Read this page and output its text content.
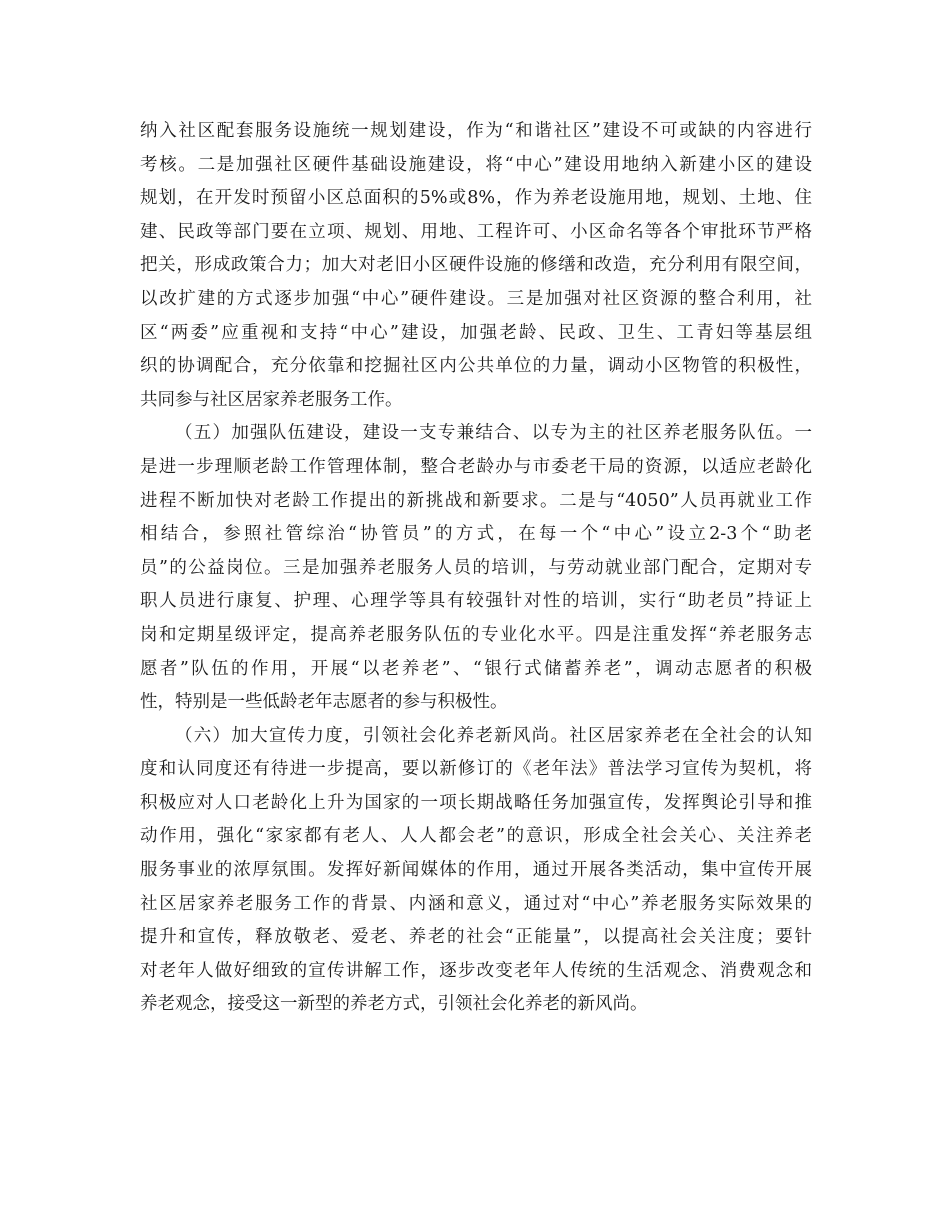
纳入社区配套服务设施统一规划建设，作为“和谐社区”建设不可或缺的内容进行
考核。二是加强社区硬件基础设施建设，将“中心”建设用地纳入新建小区的建设
规划，在开发时预留小区总面积的5%或8%，作为养老设施用地，规划、土地、住
建、民政等部门要在立项、规划、用地、工程许可、小区命名等各个审批环节严格
把关，形成政策合力；加大对老旧小区硬件设施的修缮和改造，充分利用有限空间，
以改扩建的方式逐步加强“中心”硬件建设。三是加强对社区资源的整合利用，社
区“两委”应重视和支持“中心”建设，加强老龄、民政、卫生、工青妇等基层组
织的协调配合，充分依靠和挖掘社区内公共单位的力量，调动小区物管的积极性，
共同参与社区居家养老服务工作。
（五）加强队伍建设，建设一支专兼结合、以专为主的社区养老服务队伍。一
是进一步理顺老龄工作管理体制，整合老龄办与市委老干局的资源，以适应老龄化
进程不断加快对老龄工作提出的新挑战和新要求。二是与“4050”人员再就业工作
相结合，参照社管综治“协管员”的方式，在每一个“中心”设立2-3个“助老
员”的公益岗位。三是加强养老服务人员的培训，与劳动就业部门配合，定期对专
职人员进行康复、护理、心理学等具有较强针对性的培训，实行“助老员”持证上
岗和定期星级评定，提高养老服务队伍的专业化水平。四是注重发挥“养老服务志
愿者”队伍的作用，开展“以老养老”、“银行式储蓄养老”，调动志愿者的积极
性，特别是一些低龄老年志愿者的参与积极性。
（六）加大宣传力度，引领社会化养老新风尚。社区居家养老在全社会的认知
度和认同度还有待进一步提高，要以新修订的《老年法》普法学习宣传为契机，将
积极应对人口老龄化上升为国家的一项长期战略任务加强宣传，发挥舆论引导和推
动作用，强化“家家都有老人、人人都会老”的意识，形成全社会关心、关注养老
服务事业的浓厚氛围。发挥好新闻媒体的作用，通过开展各类活动，集中宣传开展
社区居家养老服务工作的背景、内涵和意义，通过对“中心”养老服务实际效果的
提升和宣传，释放敬老、爱老、养老的社会“正能量”，以提高社会关注度；要针
对老年人做好细致的宣传讲解工作，逐步改变老年人传统的生活观念、消费观念和
养老观念，接受这一新型的养老方式，引领社会化养老的新风尚。
